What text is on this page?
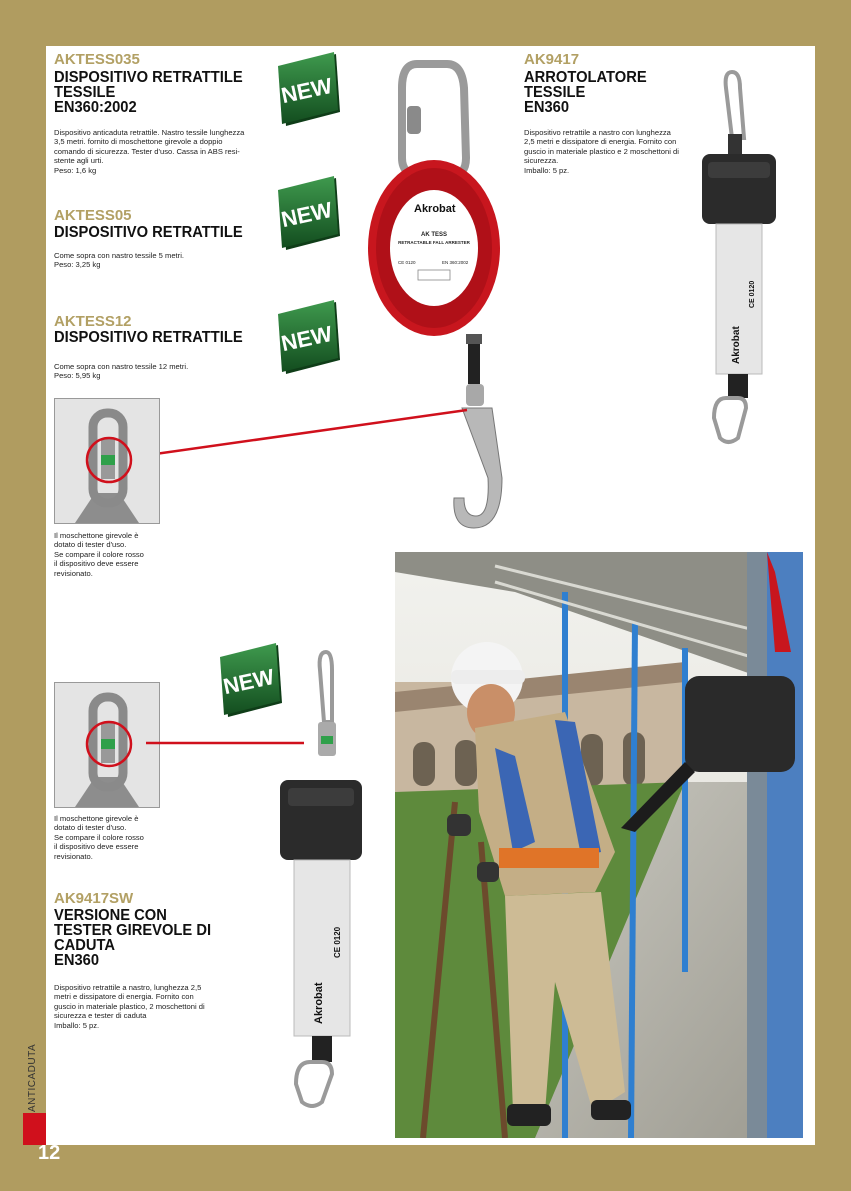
AKTESS035
DISPOSITIVO RETRATTILE
TESSILE
EN360:2002
Dispositivo anticaduta retrattile. Nastro tessile lunghezza
3,5 metri. fornito di moschettone girevole a doppio
comando di sicurezza. Tester d'uso. Cassa in ABS resi-
stente agli urti.
Peso: 1,6 kg
AKTESS05
DISPOSITIVO RETRATTILE
Come sopra con nastro tessile 5 metri.
Peso: 3,25 kg
AKTESS12
DISPOSITIVO RETRATTILE
Come sopra con nastro tessile 12 metri.
Peso: 5,95 kg
AK9417
ARROTOLATORE
TESSILE
EN360
Dispositivo retrattile a nastro con lunghezza
2,5 metri e dissipatore di energia. Fornito con
guscio in materiale plastico e 2 moschettoni di
sicurezza.
Imballo: 5 pz.
AK9417SW
VERSIONE CON
TESTER GIREVOLE DI
CADUTA
EN360
Dispositivo retrattile a nastro, lunghezza 2,5
metri e dissipatore di energia. Fornito con
guscio in materiale plastico, 2 moschettoni di
sicurezza e tester di caduta
Imballo: 5 pz.
NEW
NEW
NEW
NEW
Akrobat
AK TESS
RETRACTABLE FALL ARRESTER
CE 0120	EN 360:2002
Il moschettone girevole è
dotato di tester d'uso.
Se compare il colore rosso
il dispositivo deve essere
revisionato.
Il moschettone girevole è
dotato di tester d'uso.
Se compare il colore rosso
il dispositivo deve essere
revisionato.
Akrobat
CE 0120
Akrobat
CE 0120
ANTICADUTA
12
